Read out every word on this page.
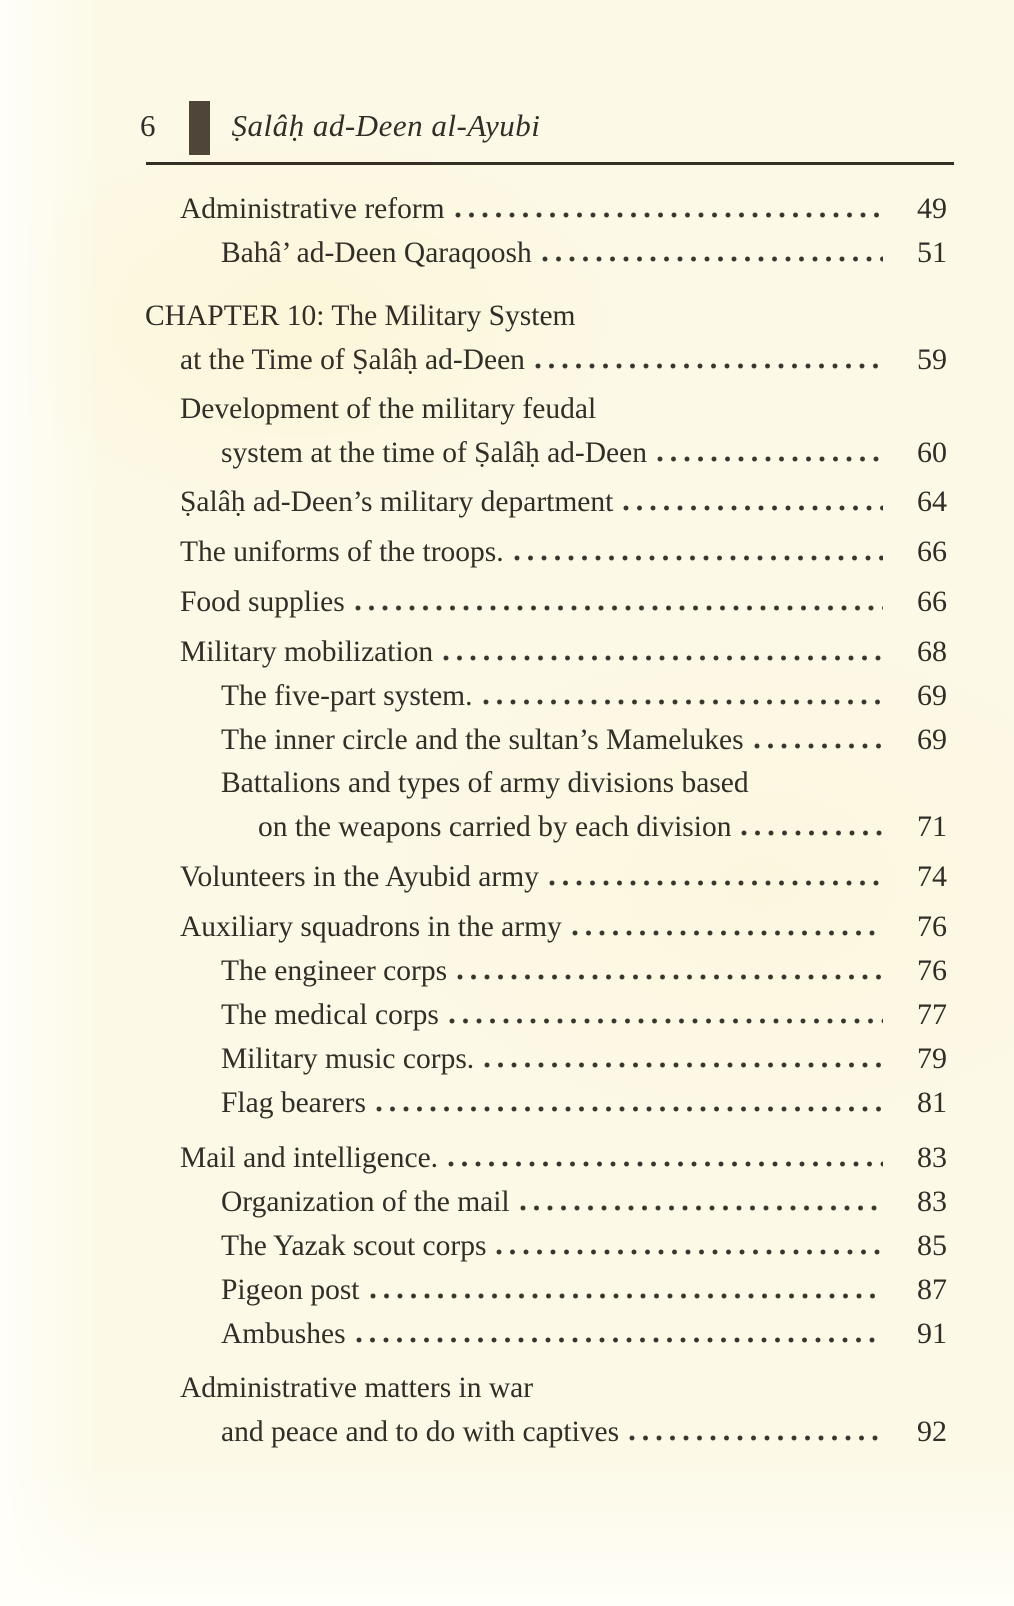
6 Ṣalâḥ ad-Deen al-Ayubi
Administrative reform	49
Bahâ’ ad-Deen Qaraqoosh	51
CHAPTER 10: The Military System
at the Time of Ṣalâḥ ad-Deen	59
Development of the military feudal
system at the time of Ṣalâḥ ad-Deen	60
Ṣalâḥ ad-Deen’s military department	64
The uniforms of the troops.	66
Food supplies	66
Military mobilization	68
The five-part system.	69
The inner circle and the sultan’s Mamelukes	69
Battalions and types of army divisions based
on the weapons carried by each division	71
Volunteers in the Ayubid army	74
Auxiliary squadrons in the army	76
The engineer corps	76
The medical corps	77
Military music corps.	79
Flag bearers	81
Mail and intelligence.	83
Organization of the mail	83
The Yazak scout corps	85
Pigeon post	87
Ambushes	91
Administrative matters in war
and peace and to do with captives	92
